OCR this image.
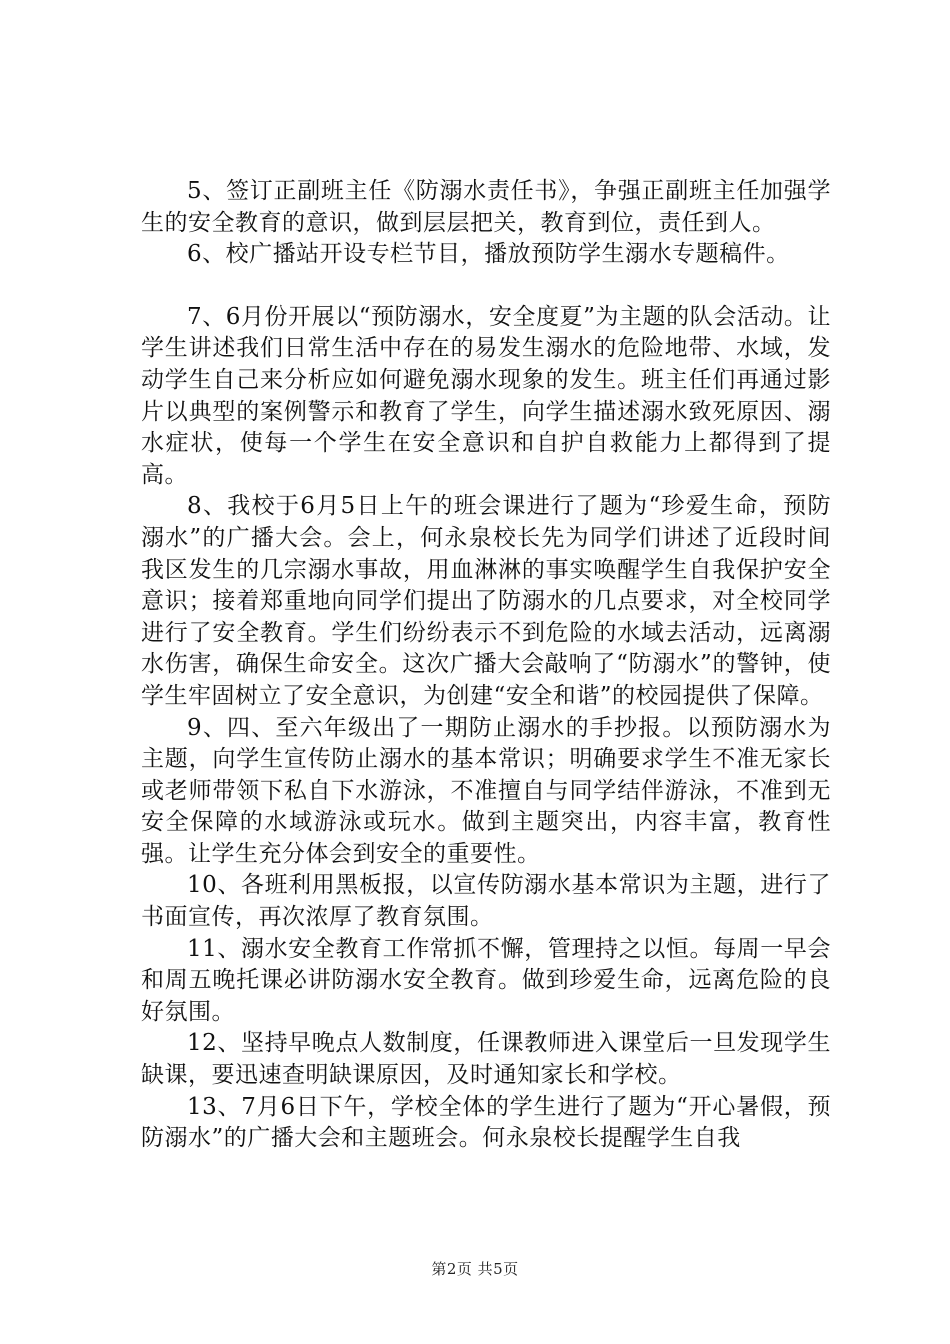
5、签订正副班主任《防溺水责任书》，争强正副班主任加强学生的安全教育的意识，做到层层把关，教育到位，责任到人。

6、校广播站开设专栏节目，播放预防学生溺水专题稿件。

7、6月份开展以“预防溺水，安全度夏”为主题的队会活动。让学生讲述我们日常生活中存在的易发生溺水的危险地带、水域，发动学生自己来分析应如何避免溺水现象的发生。班主任们再通过影片以典型的案例警示和教育了学生，向学生描述溺水致死原因、溺水症状，使每一个学生在安全意识和自护自救能力上都得到了提高。

8、我校于6月5日上午的班会课进行了题为“珍爱生命，预防溺水”的广播大会。会上，何永泉校长先为同学们讲述了近段时间我区发生的几宗溺水事故，用血淋淋的事实唤醒学生自我保护安全意识；接着郑重地向同学们提出了防溺水的几点要求，对全校同学进行了安全教育。学生们纷纷表示不到危险的水域去活动，远离溺水伤害，确保生命安全。这次广播大会敲响了“防溺水”的警钟，使学生牢固树立了安全意识，为创建“安全和谐”的校园提供了保障。

9、四、至六年级出了一期防止溺水的手抄报。以预防溺水为主题，向学生宣传防止溺水的基本常识；明确要求学生不准无家长或老师带领下私自下水游泳，不准擅自与同学结伴游泳，不准到无安全保障的水域游泳或玩水。做到主题突出，内容丰富，教育性强。让学生充分体会到安全的重要性。

10、各班利用黑板报，以宣传防溺水基本常识为主题，进行了书面宣传，再次浓厚了教育氛围。

11、溺水安全教育工作常抓不懈，管理持之以恒。每周一早会和周五晚托课必讲防溺水安全教育。做到珍爱生命，远离危险的良好氛围。

12、坚持早晚点人数制度，任课教师进入课堂后一旦发现学生缺课，要迅速查明缺课原因，及时通知家长和学校。

13、7月6日下午，学校全体的学生进行了题为“开心暑假，预防溺水”的广播大会和主题班会。何永泉校长提醒学生自我

第2页 共5页
